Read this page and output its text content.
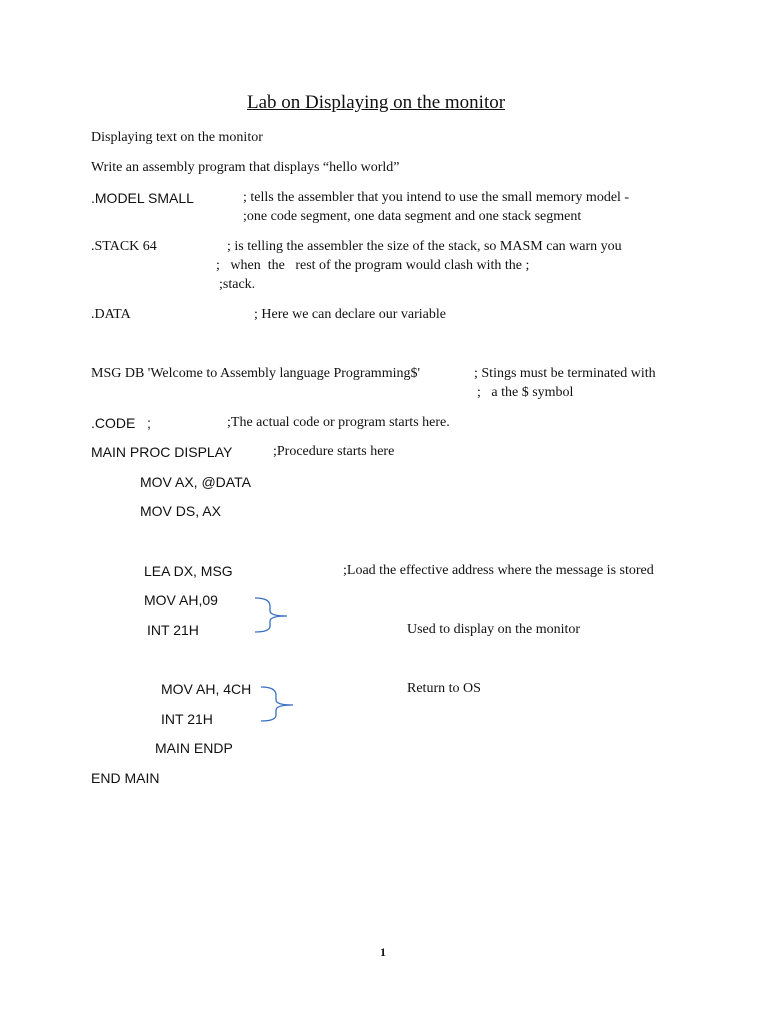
Lab on Displaying on the monitor
Displaying text on the monitor
Write an assembly program that displays “hello world”
.MODEL SMALL	; tells the assembler that you intend to use the small memory model -
;one code segment, one data segment and one stack segment
.STACK 64	; is telling the assembler the size of the stack, so MASM can warn you
;   when  the   rest of the program would clash with the ;
;stack.
.DATA	; Here we can declare our variable
MSG DB 'Welcome to Assembly language Programming$'	; Stings must be terminated with
;   a the $ symbol
.CODE   ;	;The actual code or program starts here.
MAIN PROC DISPLAY	;Procedure starts here
MOV AX, @DATA
MOV DS, AX
LEA DX, MSG	;Load the effective address where the message is stored
MOV AH,09
INT 21H	Used to display on the monitor
MOV AH, 4CH	Return to OS
INT 21H
MAIN ENDP
END MAIN
1
